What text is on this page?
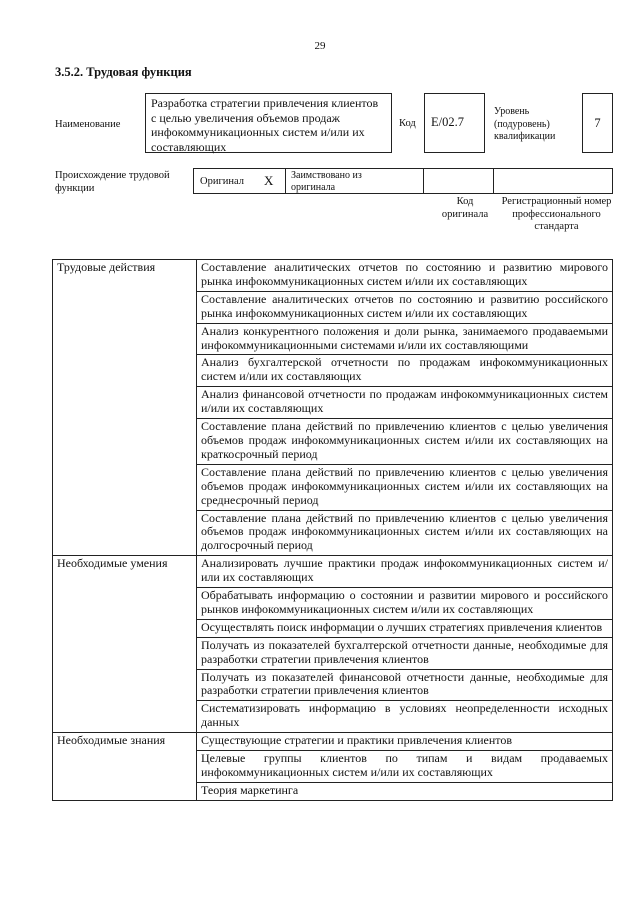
29
3.5.2. Трудовая функция
Наименование
Разработка стратегии привлечения клиентов с целью увеличения объемов продаж инфокоммуникационных систем и/или их составляющих
Код	E/02.7
Уровень (подуровень) квалификации
7
Происхождение трудовой функции
Оригинал X Заимствовано из оригинала
Код оригинала
Регистрационный номер профессионального стандарта
Трудовые действия	Составление аналитических отчетов по состоянию и развитию мирового рынка инфокоммуникационных систем и/или их составляющих
	Составление аналитических отчетов по состоянию и развитию российского рынка инфокоммуникационных систем и/или их составляющих
	Анализ конкурентного положения и доли рынка, занимаемого продаваемыми инфокоммуникационными системами и/или их составляющими
	Анализ бухгалтерской отчетности по продажам инфокоммуникационных систем и/или их составляющих
	Анализ финансовой отчетности по продажам инфокоммуникационных систем и/или их составляющих
	Составление плана действий по привлечению клиентов с целью увеличения объемов продаж инфокоммуникационных систем и/или их составляющих на краткосрочный период
	Составление плана действий по привлечению клиентов с целью увеличения объемов продаж инфокоммуникационных систем и/или их составляющих на среднесрочный период
	Составление плана действий по привлечению клиентов с целью увеличения объемов продаж инфокоммуникационных систем и/или их составляющих на долгосрочный период
Необходимые умения	Анализировать лучшие практики продаж инфокоммуникационных систем и/или их составляющих
	Обрабатывать информацию о состоянии и развитии мирового и российского рынков инфокоммуникационных систем и/или их составляющих
	Осуществлять поиск информации о лучших стратегиях привлечения клиентов
	Получать из показателей бухгалтерской отчетности данные, необходимые для разработки стратегии привлечения клиентов
	Получать из показателей финансовой отчетности данные, необходимые для разработки стратегии привлечения клиентов
	Систематизировать информацию в условиях неопределенности исходных данных
Необходимые знания	Существующие стратегии и практики привлечения клиентов
	Целевые группы клиентов по типам и видам продаваемых инфокоммуникационных систем и/или их составляющих
	Теория маркетинга
